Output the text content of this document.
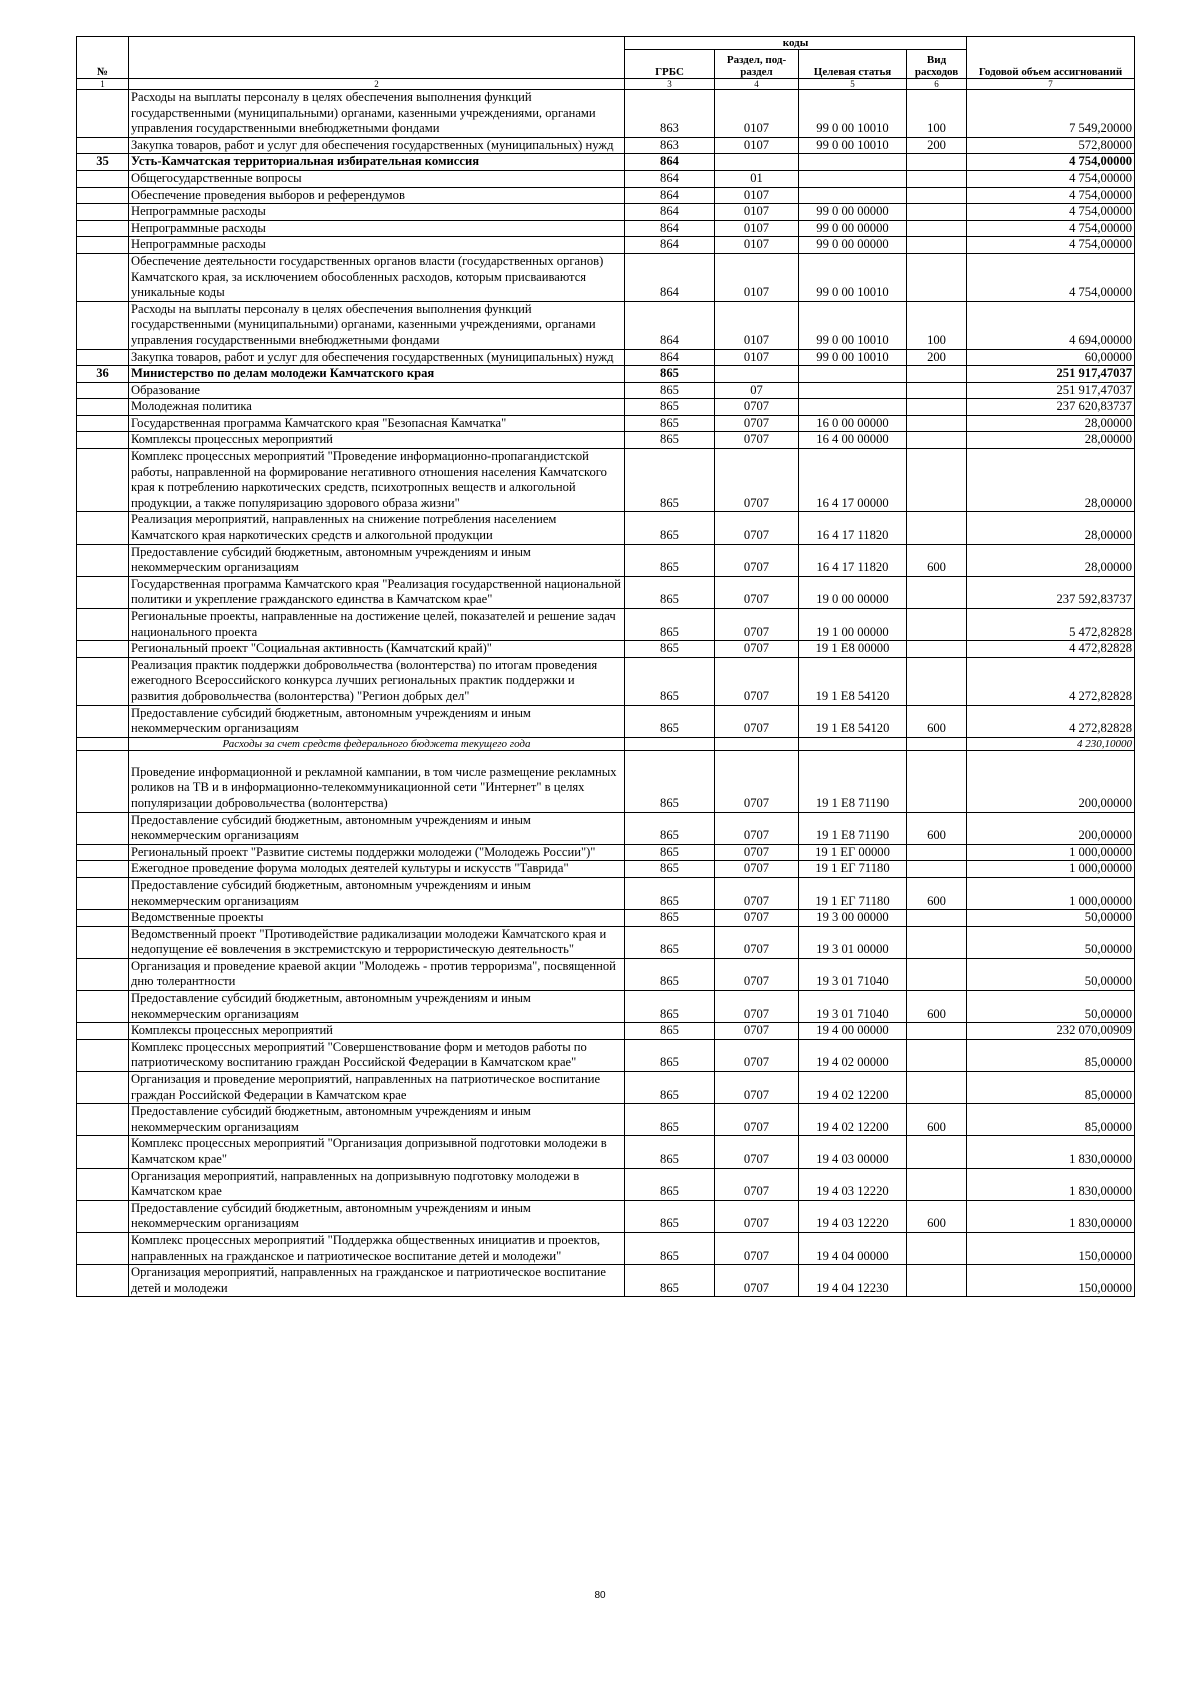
№		коды				Годовой объем ассигнований
		ГРБС	Раздел, под-раздел	Целевая статья	Вид расходов	
1	2	3	4	5	6	7
	Расходы на выплаты персоналу в целях обеспечения выполнения функций государственными (муниципальными) органами, казенными учреждениями, органами управления государственными внебюджетными фондами	863	0107	99 0 00 10010	100	7 549,20000
	Закупка товаров, работ и услуг для обеспечения государственных (муниципальных) нужд	863	0107	99 0 00 10010	200	572,80000
35	Усть-Камчатская территориальная избирательная комиссия	864				4 754,00000
	Общегосударственные вопросы	864	01			4 754,00000
	Обеспечение проведения выборов и референдумов	864	0107			4 754,00000
	Непрограммные расходы	864	0107	99 0 00 00000		4 754,00000
	Непрограммные расходы	864	0107	99 0 00 00000		4 754,00000
	Непрограммные расходы	864	0107	99 0 00 00000		4 754,00000
	Обеспечение деятельности государственных органов власти (государственных органов) Камчатского края, за исключением обособленных расходов, которым присваиваются уникальные коды	864	0107	99 0 00 10010		4 754,00000
	Расходы на выплаты персоналу в целях обеспечения выполнения функций государственными (муниципальными) органами, казенными учреждениями, органами управления государственными внебюджетными фондами	864	0107	99 0 00 10010	100	4 694,00000
	Закупка товаров, работ и услуг для обеспечения государственных (муниципальных) нужд	864	0107	99 0 00 10010	200	60,00000
36	Министерство по делам молодежи Камчатского края	865				251 917,47037
	Образование	865	07			251 917,47037
	Молодежная политика	865	0707			237 620,83737
	Государственная программа Камчатского края "Безопасная Камчатка"	865	0707	16 0 00 00000		28,00000
	Комплексы процессных мероприятий	865	0707	16 4 00 00000		28,00000
	Комплекс процессных мероприятий "Проведение информационно-пропагандистской работы, направленной на формирование негативного отношения населения Камчатского края к потреблению наркотических средств, психотропных веществ и алкогольной продукции, а также популяризацию здорового образа жизни"	865	0707	16 4 17 00000		28,00000
	Реализация мероприятий, направленных на снижение потребления населением Камчатского края наркотических средств и алкогольной продукции	865	0707	16 4 17 11820		28,00000
	Предоставление субсидий бюджетным, автономным учреждениям и иным некоммерческим организациям	865	0707	16 4 17 11820	600	28,00000
	Государственная программа Камчатского края "Реализация государственной национальной политики и укрепление гражданского единства в Камчатском крае"	865	0707	19 0 00 00000		237 592,83737
	Региональные проекты, направленные на достижение целей, показателей и решение задач национального проекта	865	0707	19 1 00 00000		5 472,82828
	Региональный проект "Социальная активность (Камчатский край)"	865	0707	19 1 Е8 00000		4 472,82828
	Реализация практик поддержки добровольчества (волонтерства) по итогам проведения ежегодного Всероссийского конкурса лучших региональных практик поддержки и развития добровольчества (волонтерства) "Регион добрых дел"	865	0707	19 1 Е8 54120		4 272,82828
	Предоставление субсидий бюджетным, автономным учреждениям и иным некоммерческим организациям	865	0707	19 1 Е8 54120	600	4 272,82828
	Расходы за счет средств федерального бюджета текущего года					4 230,10000
	Проведение информационной и рекламной кампании, в том числе размещение рекламных роликов на ТВ и в информационно-телекоммуникационной сети "Интернет" в целях популяризации добровольчества (волонтерства)	865	0707	19 1 Е8 71190		200,00000
	Предоставление субсидий бюджетным, автономным учреждениям и иным некоммерческим организациям	865	0707	19 1 Е8 71190	600	200,00000
	Региональный проект "Развитие системы поддержки молодежи ("Молодежь России")"	865	0707	19 1 ЕГ 00000		1 000,00000
	Ежегодное проведение форума молодых деятелей культуры и искусств "Таврида"	865	0707	19 1 ЕГ 71180		1 000,00000
	Предоставление субсидий бюджетным, автономным учреждениям и иным некоммерческим организациям	865	0707	19 1 ЕГ 71180	600	1 000,00000
	Ведомственные проекты	865	0707	19 3 00 00000		50,00000
	Ведомственный проект "Противодействие радикализации молодежи Камчатского края и недопущение её вовлечения в экстремистскую и террористическую деятельность"	865	0707	19 3 01 00000		50,00000
	Организация и проведение краевой акции "Молодежь - против терроризма", посвященной дню толерантности	865	0707	19 3 01 71040		50,00000
	Предоставление субсидий бюджетным, автономным учреждениям и иным некоммерческим организациям	865	0707	19 3 01 71040	600	50,00000
	Комплексы процессных мероприятий	865	0707	19 4 00 00000		232 070,00909
	Комплекс процессных мероприятий "Совершенствование форм и методов работы по патриотическому воспитанию граждан Российской Федерации в Камчатском крае"	865	0707	19 4 02 00000		85,00000
	Организация и проведение мероприятий, направленных на патриотическое воспитание граждан Российской Федерации в Камчатском крае	865	0707	19 4 02 12200		85,00000
	Предоставление субсидий бюджетным, автономным учреждениям и иным некоммерческим организациям	865	0707	19 4 02 12200	600	85,00000
	Комплекс процессных мероприятий "Организация допризывной подготовки молодежи в Камчатском крае"	865	0707	19 4 03 00000		1 830,00000
	Организация мероприятий, направленных на допризывную подготовку молодежи в Камчатском крае	865	0707	19 4 03 12220		1 830,00000
	Предоставление субсидий бюджетным, автономным учреждениям и иным некоммерческим организациям	865	0707	19 4 03 12220	600	1 830,00000
	Комплекс процессных мероприятий "Поддержка общественных инициатив и проектов, направленных на гражданское и патриотическое воспитание детей и молодежи"	865	0707	19 4 04 00000		150,00000
	Организация мероприятий, направленных на гражданское и патриотическое воспитание детей и молодежи	865	0707	19 4 04 12230		150,00000
80
